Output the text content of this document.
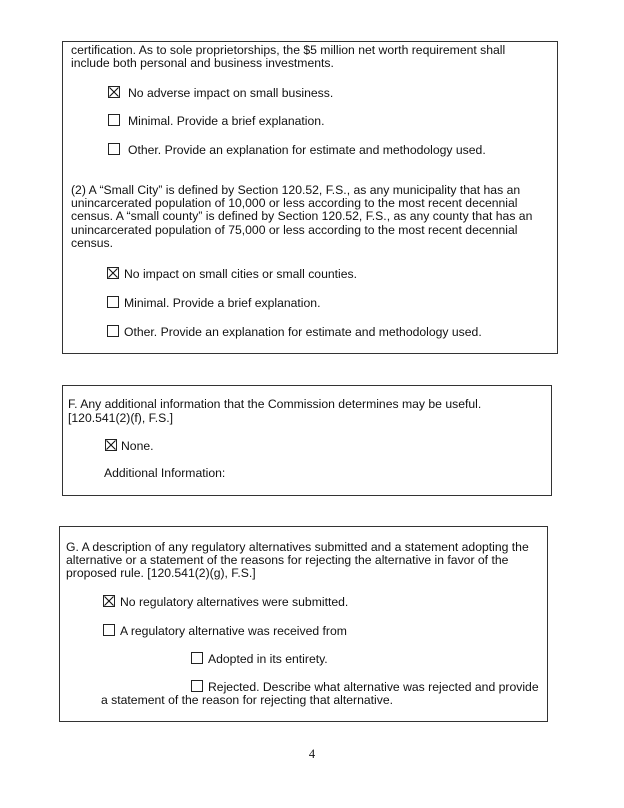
certification. As to sole proprietorships, the $5 million net worth requirement shall
include both personal and business investments.
No adverse impact on small business.
Minimal. Provide a brief explanation.
Other. Provide an explanation for estimate and methodology used.
(2) A “Small City” is defined by Section 120.52, F.S., as any municipality that has an
unincarcerated population of 10,000 or less according to the most recent decennial
census. A “small county” is defined by Section 120.52, F.S., as any county that has an
unincarcerated population of 75,000 or less according to the most recent decennial
census.
No impact on small cities or small counties.
Minimal. Provide a brief explanation.
Other. Provide an explanation for estimate and methodology used.
F. Any additional information that the Commission determines may be useful.
[120.541(2)(f), F.S.]
None.
Additional Information:
G. A description of any regulatory alternatives submitted and a statement adopting the
alternative or a statement of the reasons for rejecting the alternative in favor of the
proposed rule. [120.541(2)(g), F.S.]
No regulatory alternatives were submitted.
A regulatory alternative was received from
Adopted in its entirety.
Rejected. Describe what alternative was rejected and provide
a statement of the reason for rejecting that alternative.
4
